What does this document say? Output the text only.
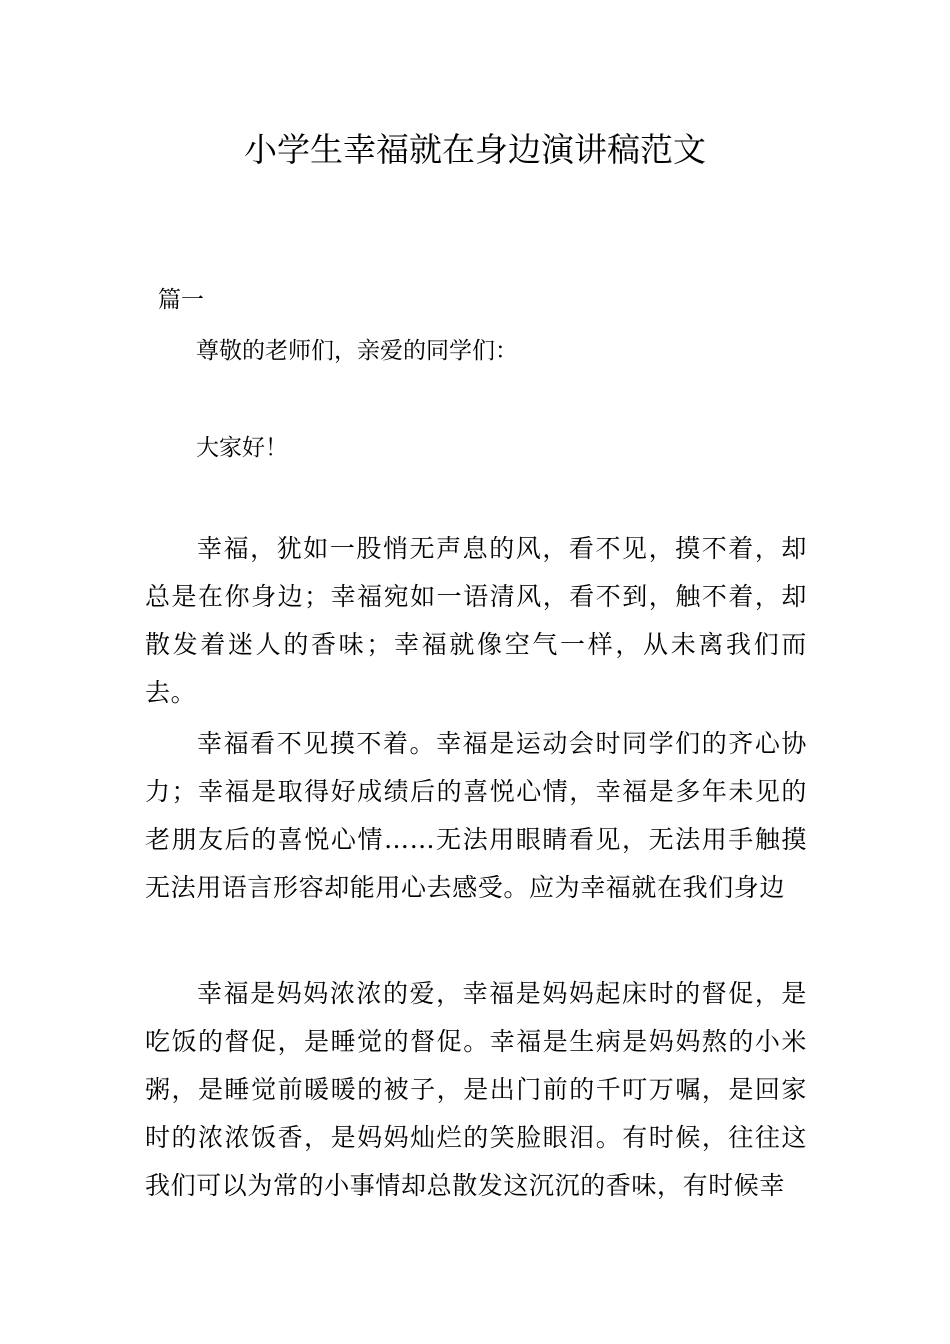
小学生幸福就在身边演讲稿范文

篇一

尊敬的老师们，亲爱的同学们：

大家好！

幸福，犹如一股悄无声息的风，看不见，摸不着，却总是在你身边；幸福宛如一语清风，看不到，触不着，却散发着迷人的香味；幸福就像空气一样，从未离我们而去。

幸福看不见摸不着。幸福是运动会时同学们的齐心协力；幸福是取得好成绩后的喜悦心情，幸福是多年未见的老朋友后的喜悦心情……无法用眼睛看见，无法用手触摸无法用语言形容却能用心去感受。应为幸福就在我们身边

幸福是妈妈浓浓的爱，幸福是妈妈起床时的督促，是吃饭的督促，是睡觉的督促。幸福是生病是妈妈熬的小米粥，是睡觉前暖暖的被子，是出门前的千叮万嘱，是回家时的浓浓饭香，是妈妈灿烂的笑脸眼泪。有时候，往往这我们可以为常的小事情却总散发这沉沉的香味，有时候幸
